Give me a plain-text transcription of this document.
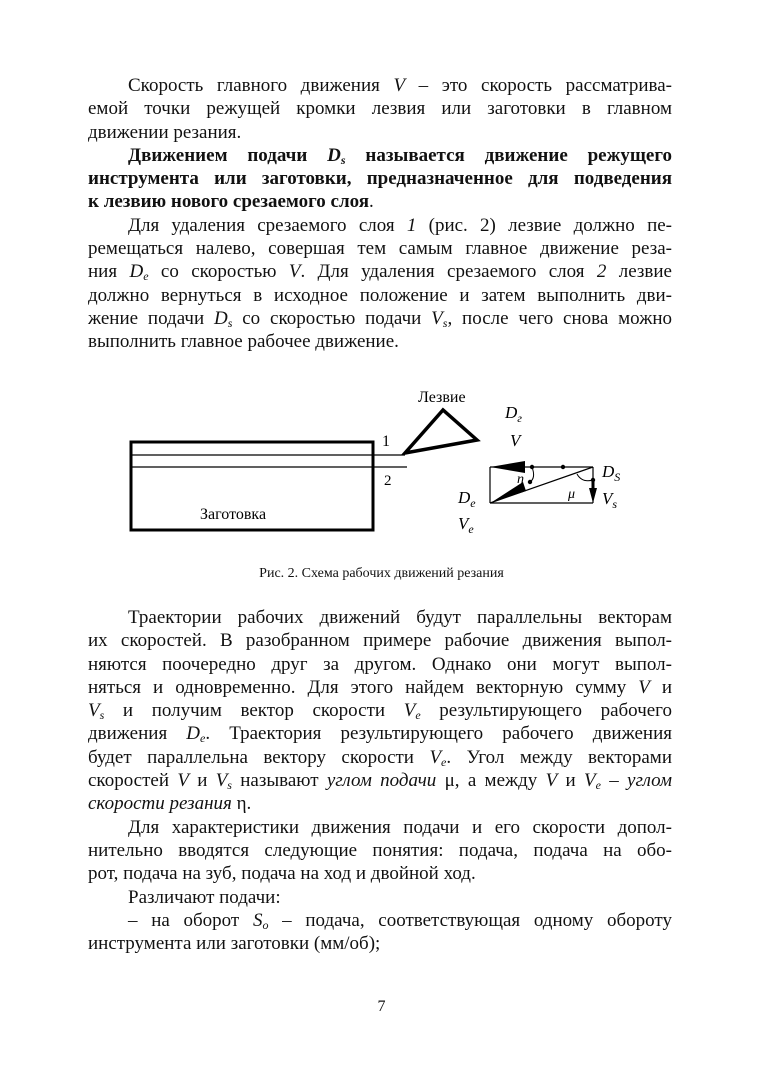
Скорость главного движения V – это скорость рассматрива-
емой точки режущей кромки лезвия или заготовки в главном
движении резания.
Движением подачи Ds называется движение режущего
инструмента или заготовки, предназначенное для подведения
к лезвию нового срезаемого слоя.
Для удаления срезаемого слоя 1 (рис. 2) лезвие должно пе-
ремещаться налево, совершая тем самым главное движение реза-
ния $D_e$ со скоростью V. Для удаления срезаемого слоя 2 лезвие
должно вернуться в исходное положение и затем выполнить дви-
жение подачи $D_s$ со скоростью подачи $V_s$, после чего снова можно
выполнить главное рабочее движение.
Лезвие
1
2
Заготовка
η
μ
$D_г$
V
$D_S$
$V_s$
$D_e$
$V_e$
Рис. 2. Схема рабочих движений резания
Траектории рабочих движений будут параллельны векторам
их скоростей. В разобранном примере рабочие движения выпол-
няются поочередно друг за другом. Однако они могут выпол-
няться и одновременно. Для этого найдем векторную сумму V и
$V_s$ и получим вектор скорости $V_e$ результирующего рабочего
движения $D_e$. Траектория результирующего рабочего движения
будет параллельна вектору скорости $V_e$. Угол между векторами
скоростей V и $V_s$ называют углом подачи μ, а между V и $V_e$ – углом
скорости резания η.
Для характеристики движения подачи и его скорости допол-
нительно вводятся следующие понятия: подача, подача на обо-
рот, подача на зуб, подача на ход и двойной ход.
Различают подачи:
– на оборот $S_o$ – подача, соответствующая одному обороту
инструмента или заготовки (мм/об);
7
